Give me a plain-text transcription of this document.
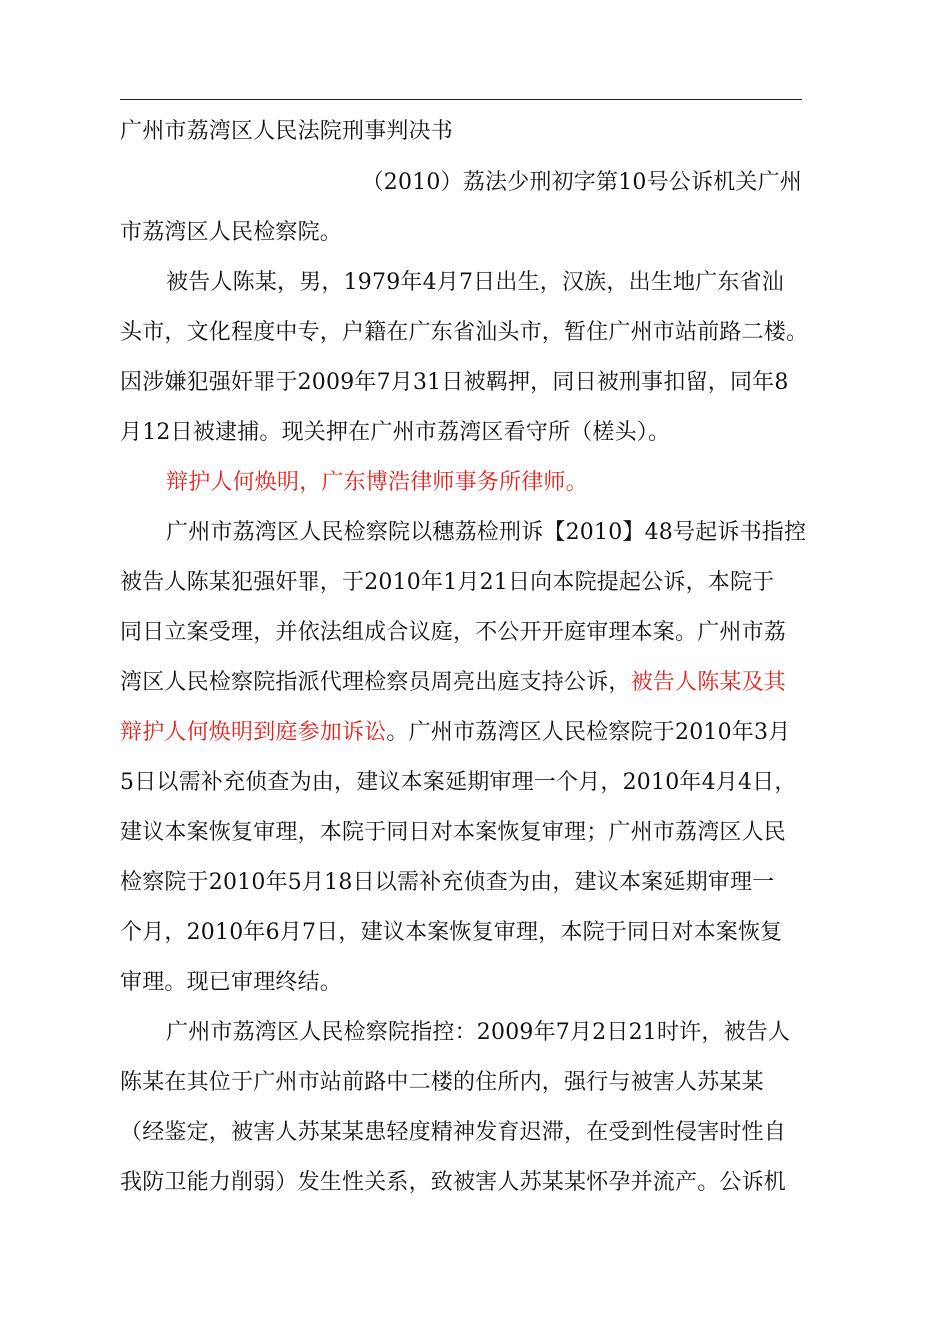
广州市荔湾区人民法院刑事判决书
（2010）荔法少刑初字第10号公诉机关广州
市荔湾区人民检察院。
被告人陈某，男，1979年4月7日出生，汉族，出生地广东省汕
头市，文化程度中专，户籍在广东省汕头市，暂住广州市站前路二楼。
因涉嫌犯强奸罪于2009年7月31日被羁押，同日被刑事扣留，同年8
月12日被逮捕。现关押在广州市荔湾区看守所（槎头）。
辩护人何焕明，广东博浩律师事务所律师。
广州市荔湾区人民检察院以穗荔检刑诉【2010】48号起诉书指控
被告人陈某犯强奸罪，于2010年1月21日向本院提起公诉，本院于
同日立案受理，并依法组成合议庭，不公开开庭审理本案。广州市荔
湾区人民检察院指派代理检察员周亮出庭支持公诉，被告人陈某及其
辩护人何焕明到庭参加诉讼。广州市荔湾区人民检察院于2010年3月
5日以需补充侦查为由，建议本案延期审理一个月，2010年4月4日，
建议本案恢复审理，本院于同日对本案恢复审理；广州市荔湾区人民
检察院于2010年5月18日以需补充侦查为由，建议本案延期审理一
个月，2010年6月7日，建议本案恢复审理，本院于同日对本案恢复
审理。现已审理终结。
广州市荔湾区人民检察院指控：2009年7月2日21时许，被告人
陈某在其位于广州市站前路中二楼的住所内，强行与被害人苏某某
（经鉴定，被害人苏某某患轻度精神发育迟滞，在受到性侵害时性自
我防卫能力削弱）发生性关系，致被害人苏某某怀孕并流产。公诉机
